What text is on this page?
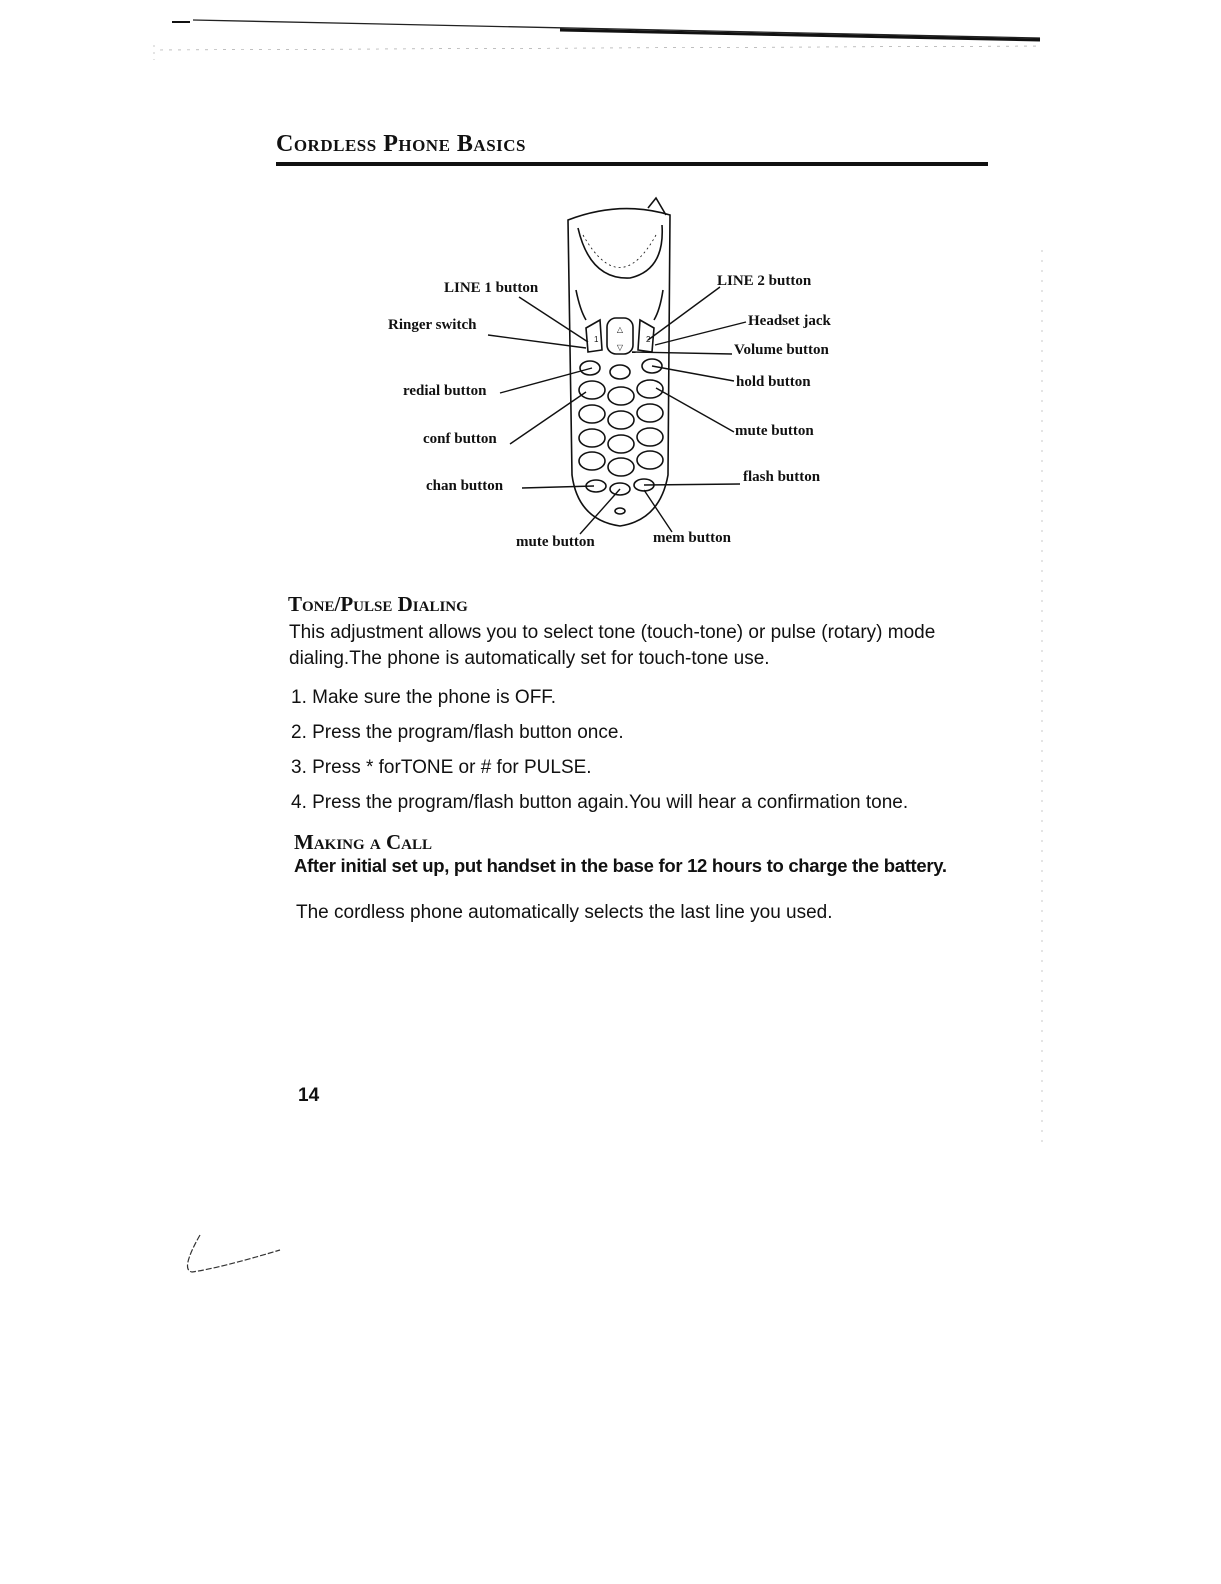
Cordless Phone Basics
△
▽
1	2
LINE 1 button	LINE 2 button
Ringer switch	Headset jack
Volume button
redial button
hold button
conf button	mute button
chan button
flash button
mute button	mem button
Tone/Pulse Dialing
This adjustment allows you to select tone (touch-tone) or pulse (rotary) mode dialing.The phone is automatically set for touch-tone use.
1. Make sure the phone is OFF.
2. Press the program/flash button once.
3. Press * forTONE or # for PULSE.
4. Press the program/flash button again.You will hear a confirmation tone.
Making a Call
After initial set up, put handset in the base for 12 hours to charge the battery.
The cordless phone automatically selects the last line you used.
14
